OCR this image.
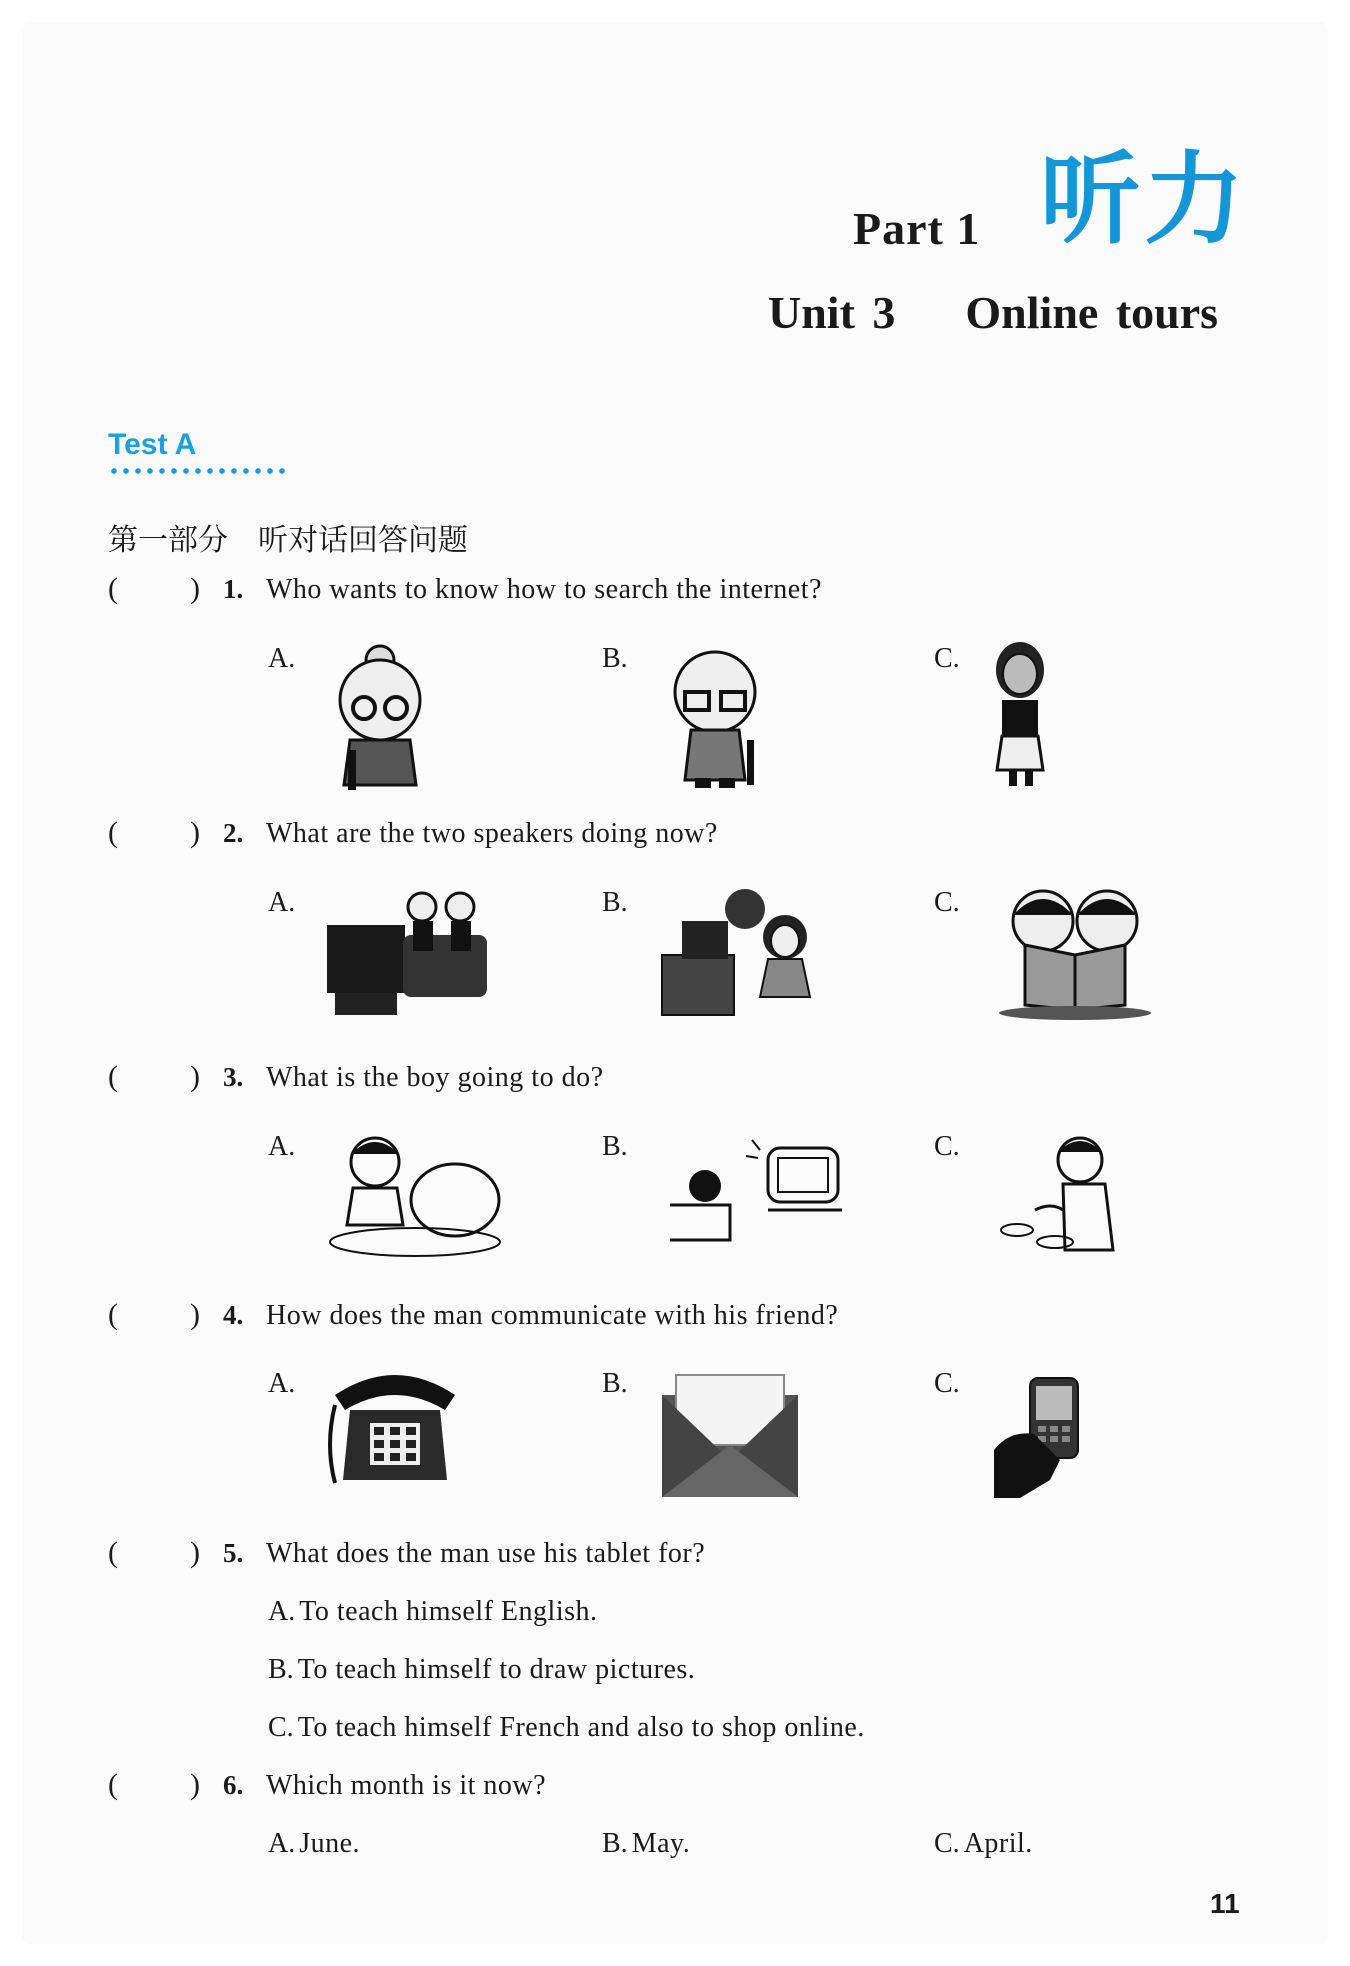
Part 1 听力
Unit 3 Online tours
Test A
第一部分　听对话回答问题
( ) 1. Who wants to know how to search the internet?
A.	B.	C.
( ) 2. What are the two speakers doing now?
A.	B.	C.
( ) 3. What is the boy going to do?
A.	B.	C.
( ) 4. How does the man communicate with his friend?
A.	B.	C.
( ) 5. What does the man use his tablet for?
A. To teach himself English.
B. To teach himself to draw pictures.
C. To teach himself French and also to shop online.
( ) 6. Which month is it now?
A. June.	B. May.	C. April.
11
